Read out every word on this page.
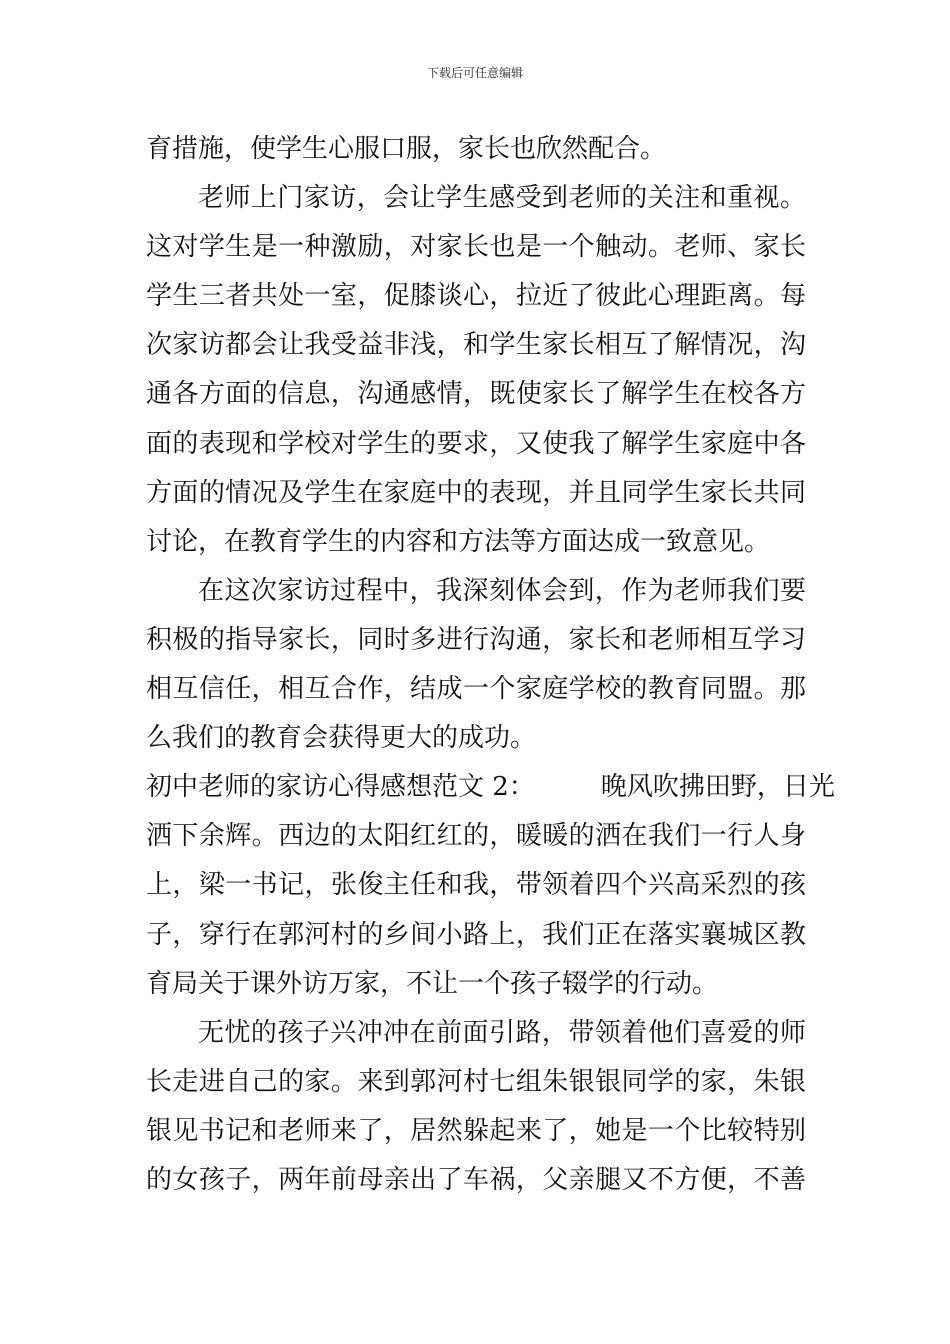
下载后可任意编辑
育措施，使学生心服口服，家长也欣然配合。
老师上门家访，会让学生感受到老师的关注和重视。
这对学生是一种激励，对家长也是一个触动。老师、家长
学生三者共处一室，促膝谈心，拉近了彼此心理距离。每
次家访都会让我受益非浅，和学生家长相互了解情况，沟
通各方面的信息，沟通感情，既使家长了解学生在校各方
面的表现和学校对学生的要求，又使我了解学生家庭中各
方面的情况及学生在家庭中的表现，并且同学生家长共同
讨论，在教育学生的内容和方法等方面达成一致意见。
在这次家访过程中，我深刻体会到，作为老师我们要
积极的指导家长，同时多进行沟通，家长和老师相互学习
相互信任，相互合作，结成一个家庭学校的教育同盟。那
么我们的教育会获得更大的成功。
初中老师的家访心得感想范文 2：	晚风吹拂田野，日光
洒下余辉。西边的太阳红红的，暖暖的洒在我们一行人身
上，梁一书记，张俊主任和我，带领着四个兴高采烈的孩
子，穿行在郭河村的乡间小路上，我们正在落实襄城区教
育局关于课外访万家，不让一个孩子辍学的行动。
无忧的孩子兴冲冲在前面引路，带领着他们喜爱的师
长走进自己的家。来到郭河村七组朱银银同学的家，朱银
银见书记和老师来了，居然躲起来了，她是一个比较特别
的女孩子，两年前母亲出了车祸，父亲腿又不方便，不善
